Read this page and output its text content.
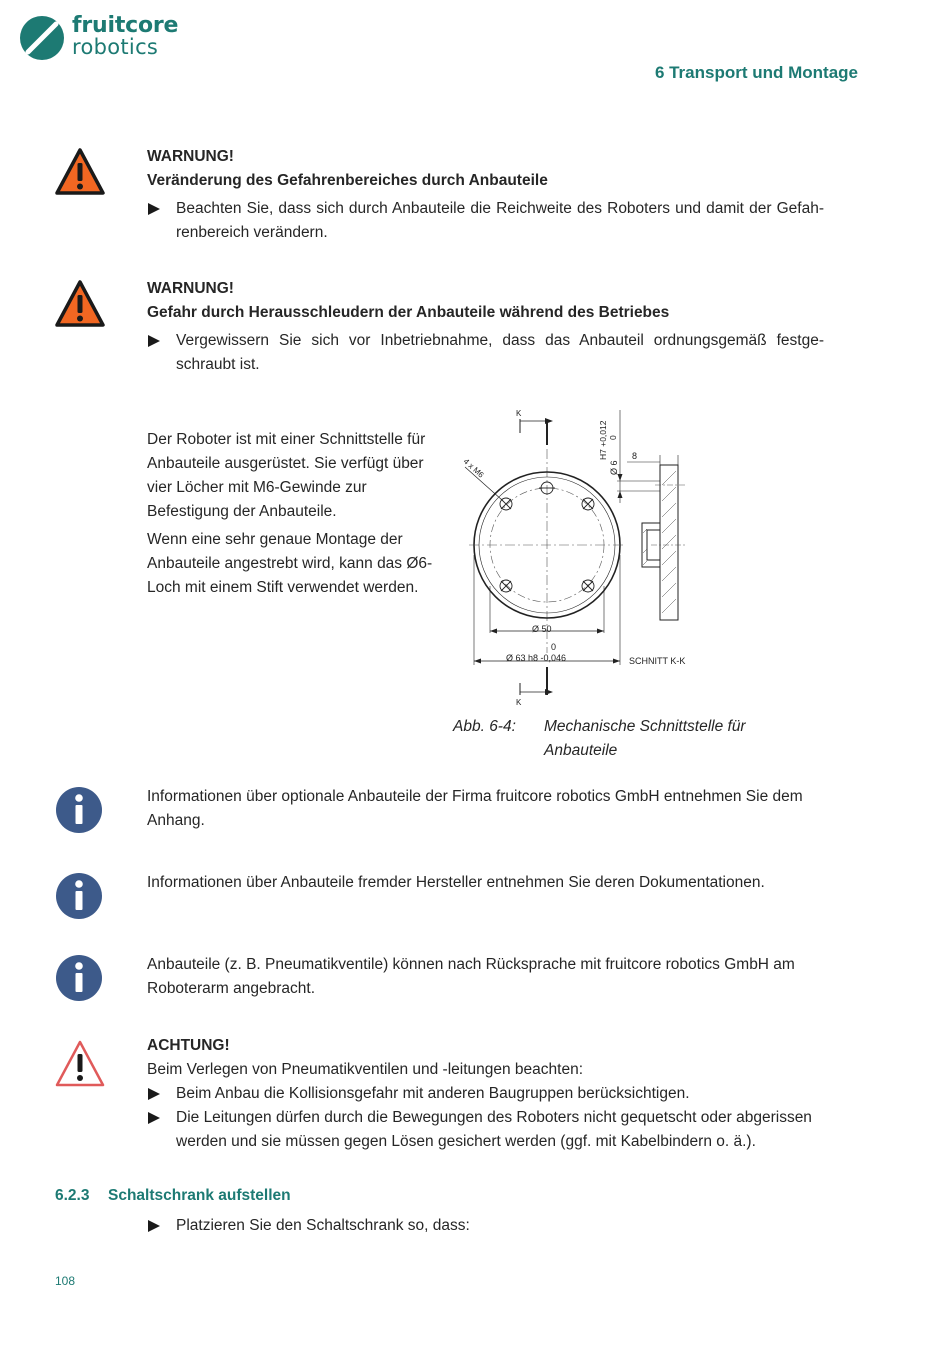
fruitcore
robotics
6 Transport und Montage
WARNUNG!
Veränderung des Gefahrenbereiches durch Anbauteile
Beachten Sie, dass sich durch Anbauteile die Reichweite des Roboters und damit der Gefah-renbereich verändern.
WARNUNG!
Gefahr durch Herausschleudern der Anbauteile während des Betriebes
Vergewissern Sie sich vor Inbetriebnahme, dass das Anbauteil ordnungsgemäß festge-schraubt ist.

Der Roboter ist mit einer Schnittstelle für Anbauteile ausgerüstet. Sie verfügt über vier Löcher mit M6-Gewinde zur Befestigung der Anbauteile.

Wenn eine sehr genaue Montage der Anbauteile angestrebt wird, kann das Ø6-Loch mit einem Stift verwendet werden.

K
4 x M6
Ø 50
0
Ø 63 h8 -0,046
K
Ø 6
H7 +0,012 0
8
SCHNITT K-K
Abb. 6-4: Mechanische Schnittstelle für Anbauteile
Informationen über optionale Anbauteile der Firma fruitcore robotics GmbH entnehmen Sie dem Anhang.
Informationen über Anbauteile fremder Hersteller entnehmen Sie deren Dokumentationen.
Anbauteile (z. B. Pneumatikventile) können nach Rücksprache mit fruitcore robotics GmbH am Roboterarm angebracht.
ACHTUNG!
Beim Verlegen von Pneumatikventilen und -leitungen beachten:
Beim Anbau die Kollisionsgefahr mit anderen Baugruppen berücksichtigen.
Die Leitungen dürfen durch die Bewegungen des Roboters nicht gequetscht oder abgerissen werden und sie müssen gegen Lösen gesichert werden (ggf. mit Kabelbindern o. ä.).
6.2.3 Schaltschrank aufstellen
Platzieren Sie den Schaltschrank so, dass:
108
